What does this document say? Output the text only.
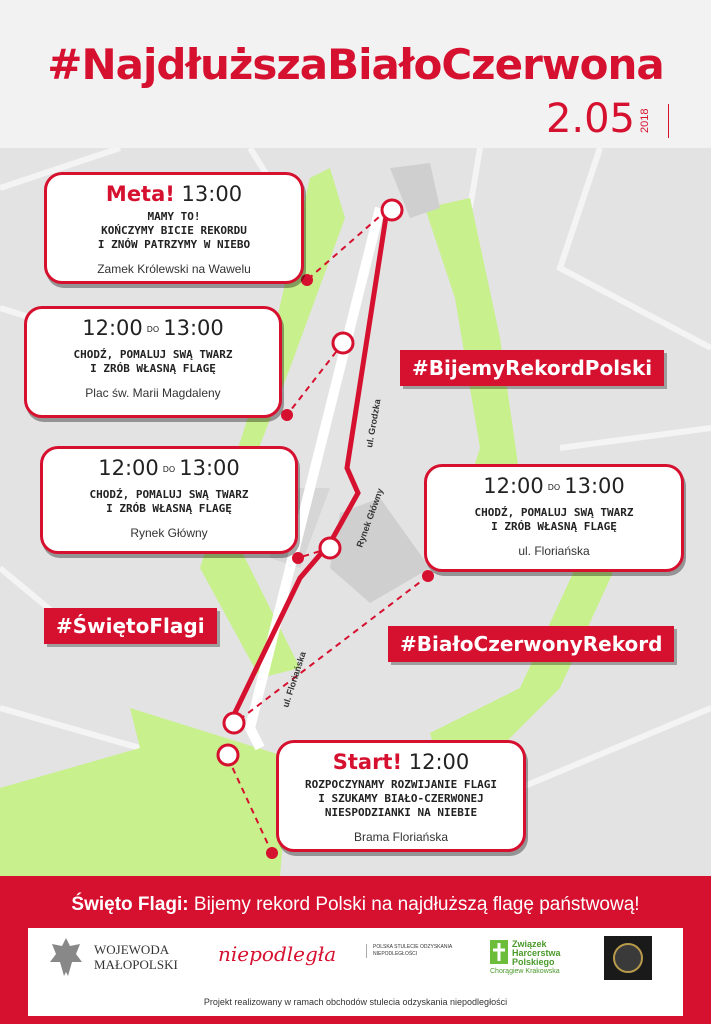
#NajdłuższaBiałoCzerwona
2.05 2018
ul. Grodzka
Rynek Główny
ul. Floriańska
Meta! 13:00
MAMY TO!
KOŃCZYMY BICIE REKORDU
I ZNÓW PATRZYMY W NIEBO
Zamek Królewski na Wawelu
12:00 DO 13:00
CHODŹ, POMALUJ SWĄ TWARZ
I ZRÓB WŁASNĄ FLAGĘ
Plac św. Marii Magdaleny
12:00 DO 13:00
CHODŹ, POMALUJ SWĄ TWARZ
I ZRÓB WŁASNĄ FLAGĘ
Rynek Główny
12:00 DO 13:00
CHODŹ, POMALUJ SWĄ TWARZ
I ZRÓB WŁASNĄ FLAGĘ
ul. Floriańska
Start! 12:00
ROZPOCZYNAMY ROZWIJANIE FLAGI
I SZUKAMY BIAŁO-CZERWONEJ
NIESPODZIANKI NA NIEBIE
Brama Floriańska
#BijemyRekordPolski
#ŚwiętoFlagi
#BiałoCzerwonyRekord
Święto Flagi: Bijemy rekord Polski na najdłuższą flagę państwową!
WOJEWODA
MAŁOPOLSKI niepodległa	POLSKA STULECIE ODZYSKANIA NIEPODLEGŁOŚCI
Związek Harcerstwa Polskiego
Chorągiew Krakowska
Projekt realizowany w ramach obchodów stulecia odzyskania niepodległości
